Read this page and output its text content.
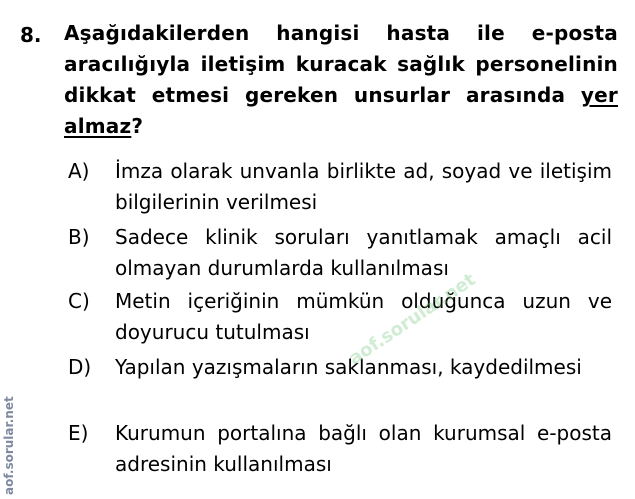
8. Aşağıdakilerden hangisi hasta ile e-posta aracılığıyla iletişim kuracak sağlık personelinin dikkat etmesi gereken unsurlar arasında yer almaz?
A) İmza olarak unvanla birlikte ad, soyad ve iletişim bilgilerinin verilmesi
B) Sadece klinik soruları yanıtlamak amaçlı acil olmayan durumlarda kullanılması
C) Metin içeriğinin mümkün olduğunca uzun ve doyurucu tutulması
D) Yapılan yazışmaların saklanması, kaydedilmesi
E) Kurumun portalına bağlı olan kurumsal e-posta adresinin kullanılması
aof.sorular.net
aof.sorular.net
